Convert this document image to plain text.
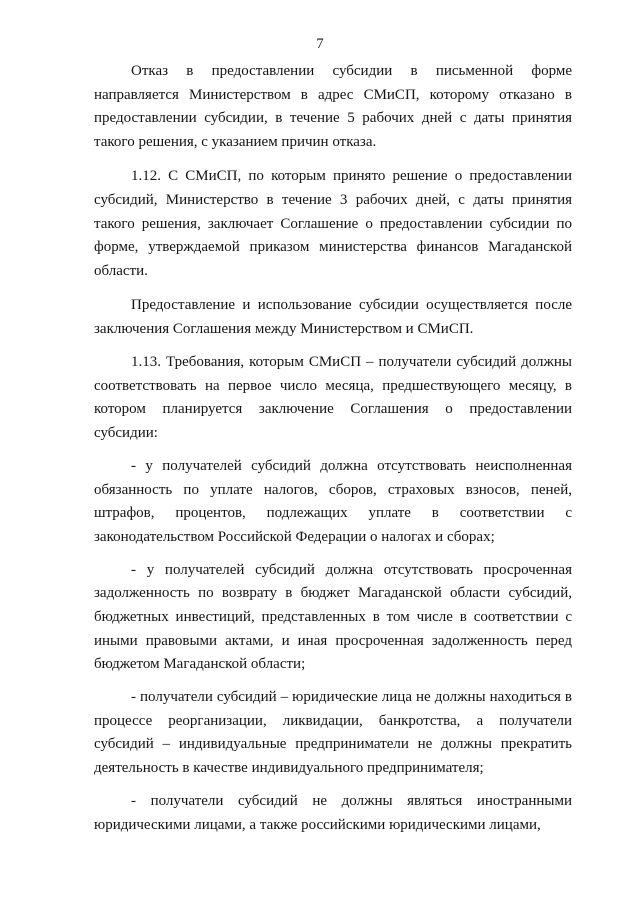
7

Отказ в предоставлении субсидии в письменной форме направляется Министерством в адрес СМиСП, которому отказано в предоставлении субсидии, в течение 5 рабочих дней с даты принятия такого решения, с указанием причин отказа.

1.12. С СМиСП, по которым принято решение о предоставлении субсидий, Министерство в течение 3 рабочих дней, с даты принятия такого решения, заключает Соглашение о предоставлении субсидии по форме, утверждаемой приказом министерства финансов Магаданской области.

Предоставление и использование субсидии осуществляется после заключения Соглашения между Министерством и СМиСП.

1.13. Требования, которым СМиСП – получатели субсидий должны соответствовать на первое число месяца, предшествующего месяцу, в котором планируется заключение Соглашения о предоставлении субсидии:

- у получателей субсидий должна отсутствовать неисполненная обязанность по уплате налогов, сборов, страховых взносов, пеней, штрафов, процентов, подлежащих уплате в соответствии с законодательством Российской Федерации о налогах и сборах;

- у получателей субсидий должна отсутствовать просроченная задолженность по возврату в бюджет Магаданской области субсидий, бюджетных инвестиций, представленных в том числе в соответствии с иными правовыми актами, и иная просроченная задолженность перед бюджетом Магаданской области;

- получатели субсидий – юридические лица не должны находиться в процессе реорганизации, ликвидации, банкротства, а получатели субсидий – индивидуальные предприниматели не должны прекратить деятельность в качестве индивидуального предпринимателя;

- получатели субсидий не должны являться иностранными юридическими лицами, а также российскими юридическими лицами,
